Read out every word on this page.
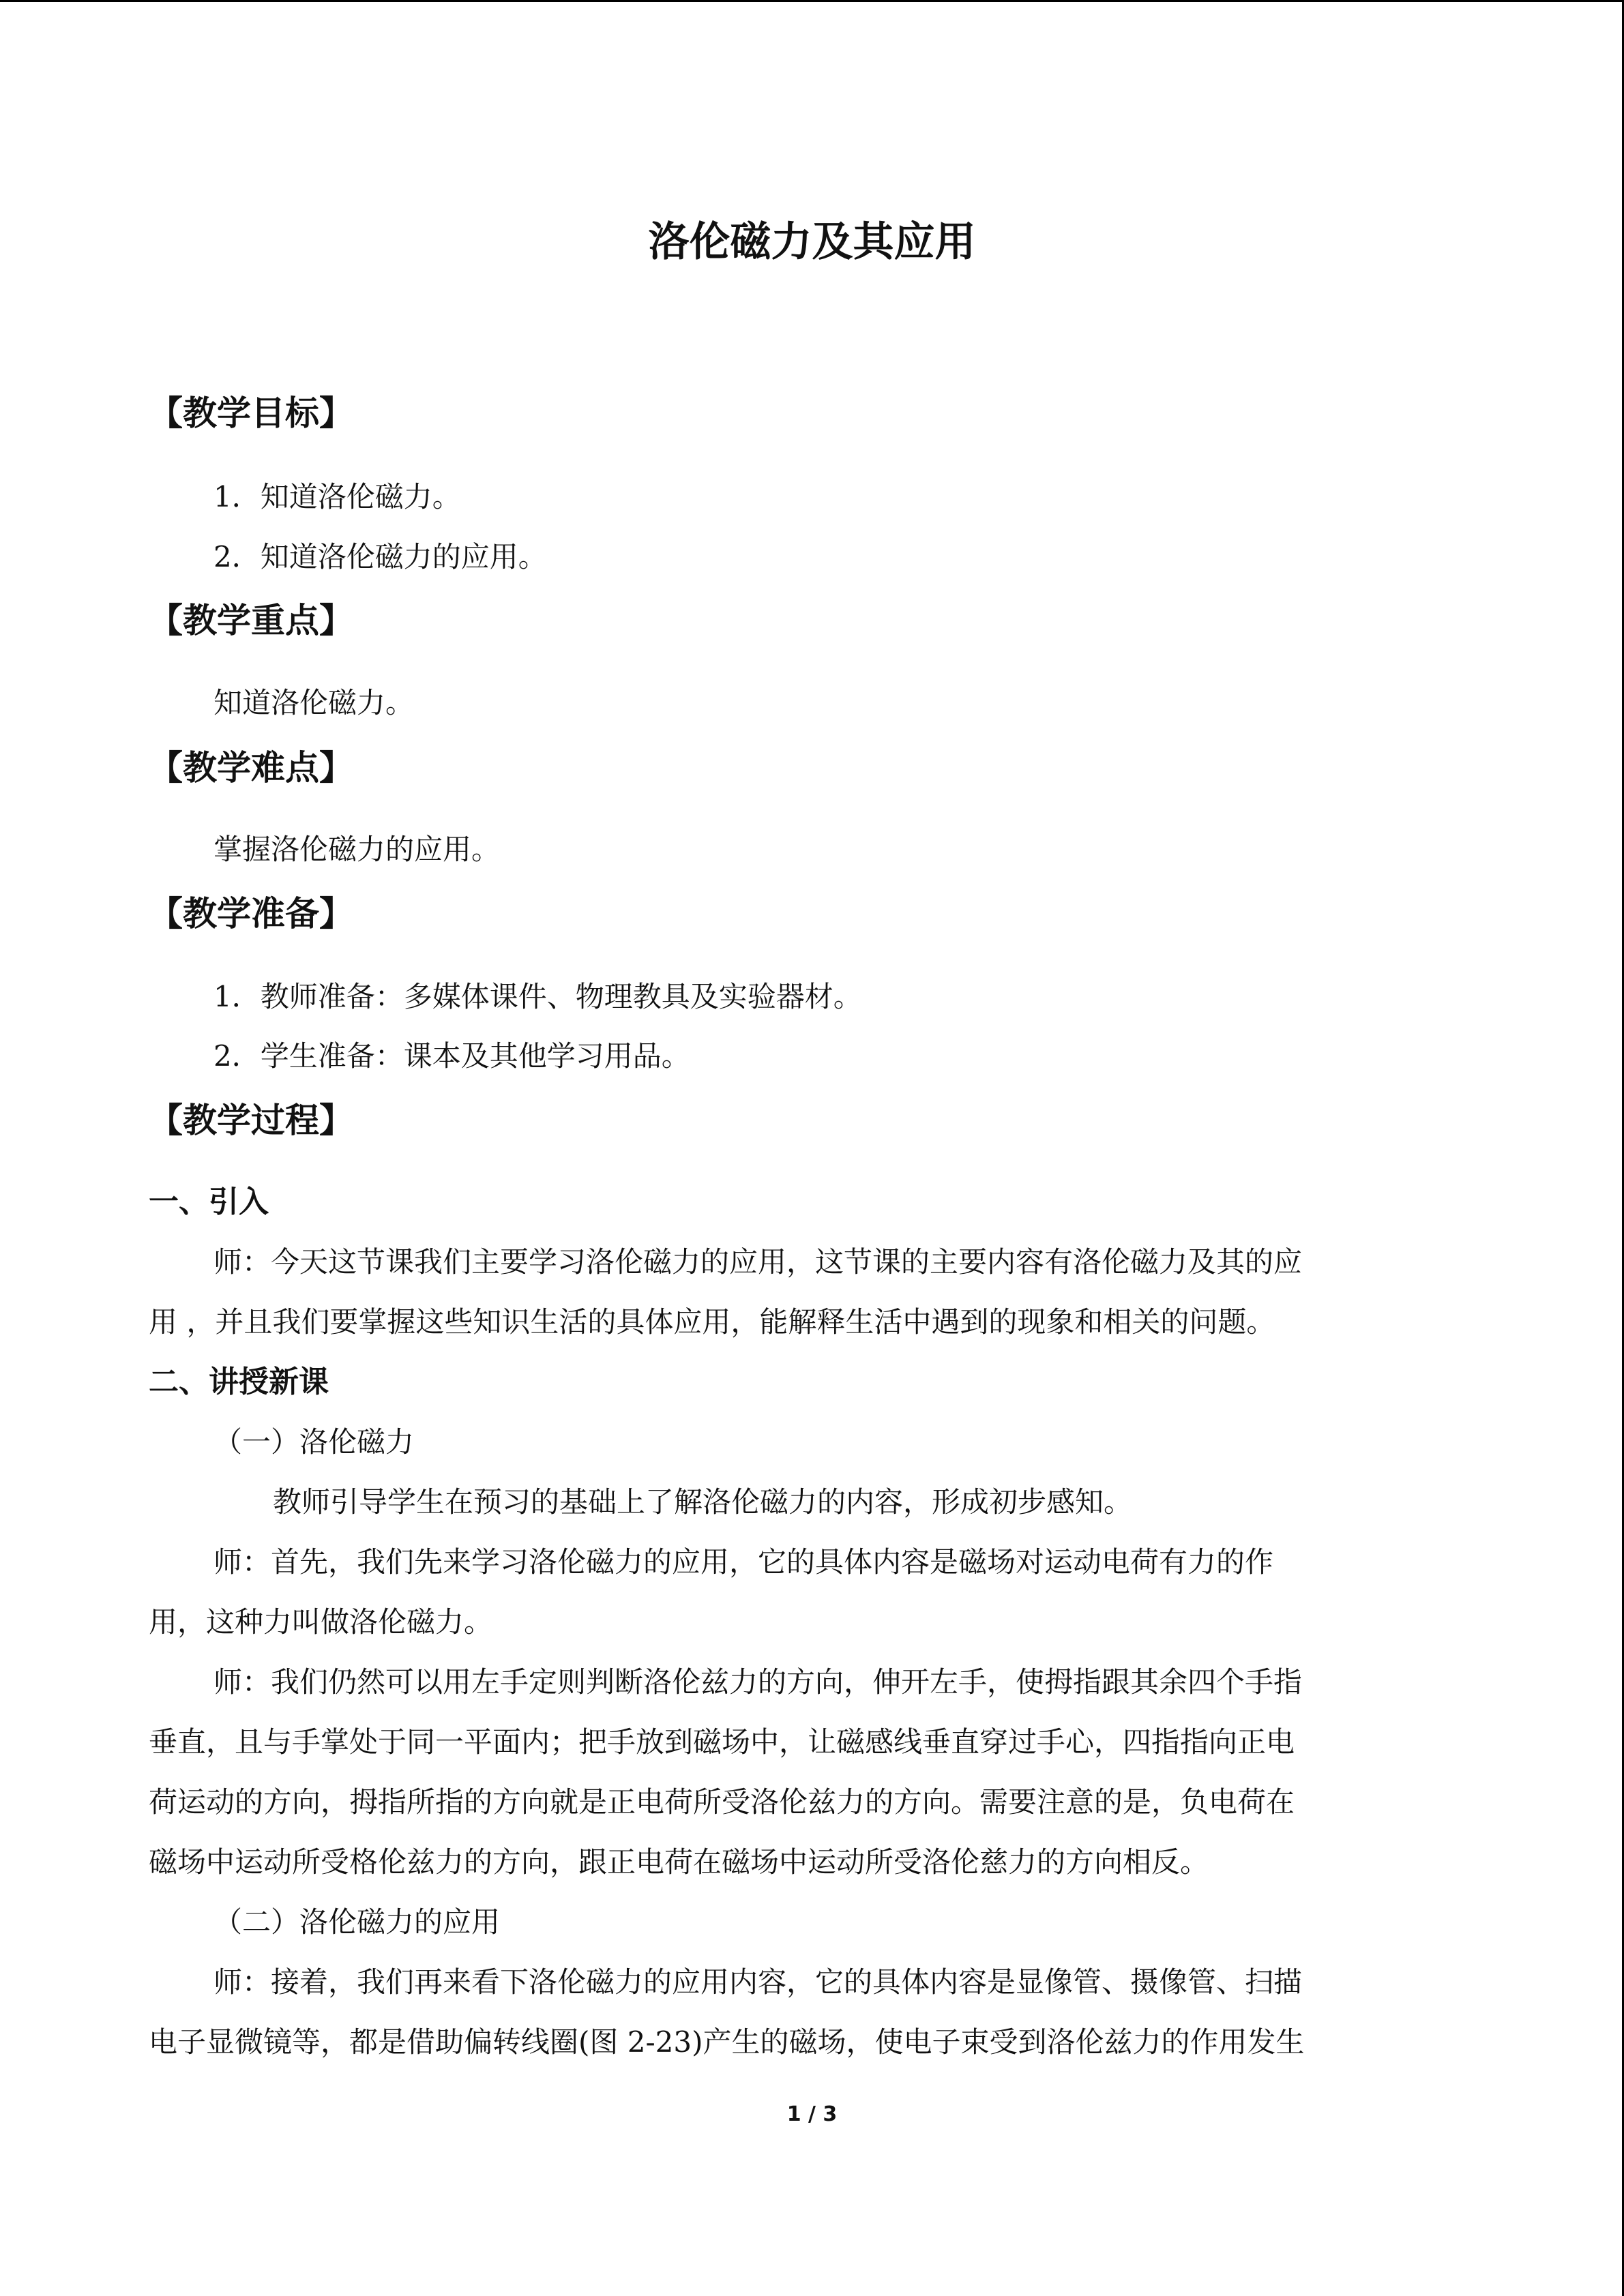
洛伦磁力及其应用
【教学目标】

1．知道洛伦磁力。

2．知道洛伦磁力的应用。

【教学重点】

知道洛伦磁力。

【教学难点】

掌握洛伦磁力的应用。

【教学准备】

1．教师准备：多媒体课件、物理教具及实验器材。

2．学生准备：课本及其他学习用品。

【教学过程】
一、引入

师：今天这节课我们主要学习洛伦磁力的应用，这节课的主要内容有洛伦磁力及其的应

用 ，并且我们要掌握这些知识生活的具体应用，能解释生活中遇到的现象和相关的问题。

二、讲授新课

（一）洛伦磁力

教师引导学生在预习的基础上了解洛伦磁力的内容，形成初步感知。

师：首先，我们先来学习洛伦磁力的应用，它的具体内容是磁场对运动电荷有力的作

用，这种力叫做洛伦磁力。

师：我们仍然可以用左手定则判断洛伦兹力的方向，伸开左手，使拇指跟其余四个手指

垂直，且与手掌处于同一平面内；把手放到磁场中，让磁感线垂直穿过手心，四指指向正电

荷运动的方向，拇指所指的方向就是正电荷所受洛伦兹力的方向。需要注意的是，负电荷在

磁场中运动所受格伦兹力的方向，跟正电荷在磁场中运动所受洛伦慈力的方向相反。

（二）洛伦磁力的应用

师：接着，我们再来看下洛伦磁力的应用内容，它的具体内容是显像管、摄像管、扫描

电子显微镜等，都是借助偏转线圈(图 2-23)产生的磁场，使电子束受到洛伦兹力的作用发生

1 / 3
